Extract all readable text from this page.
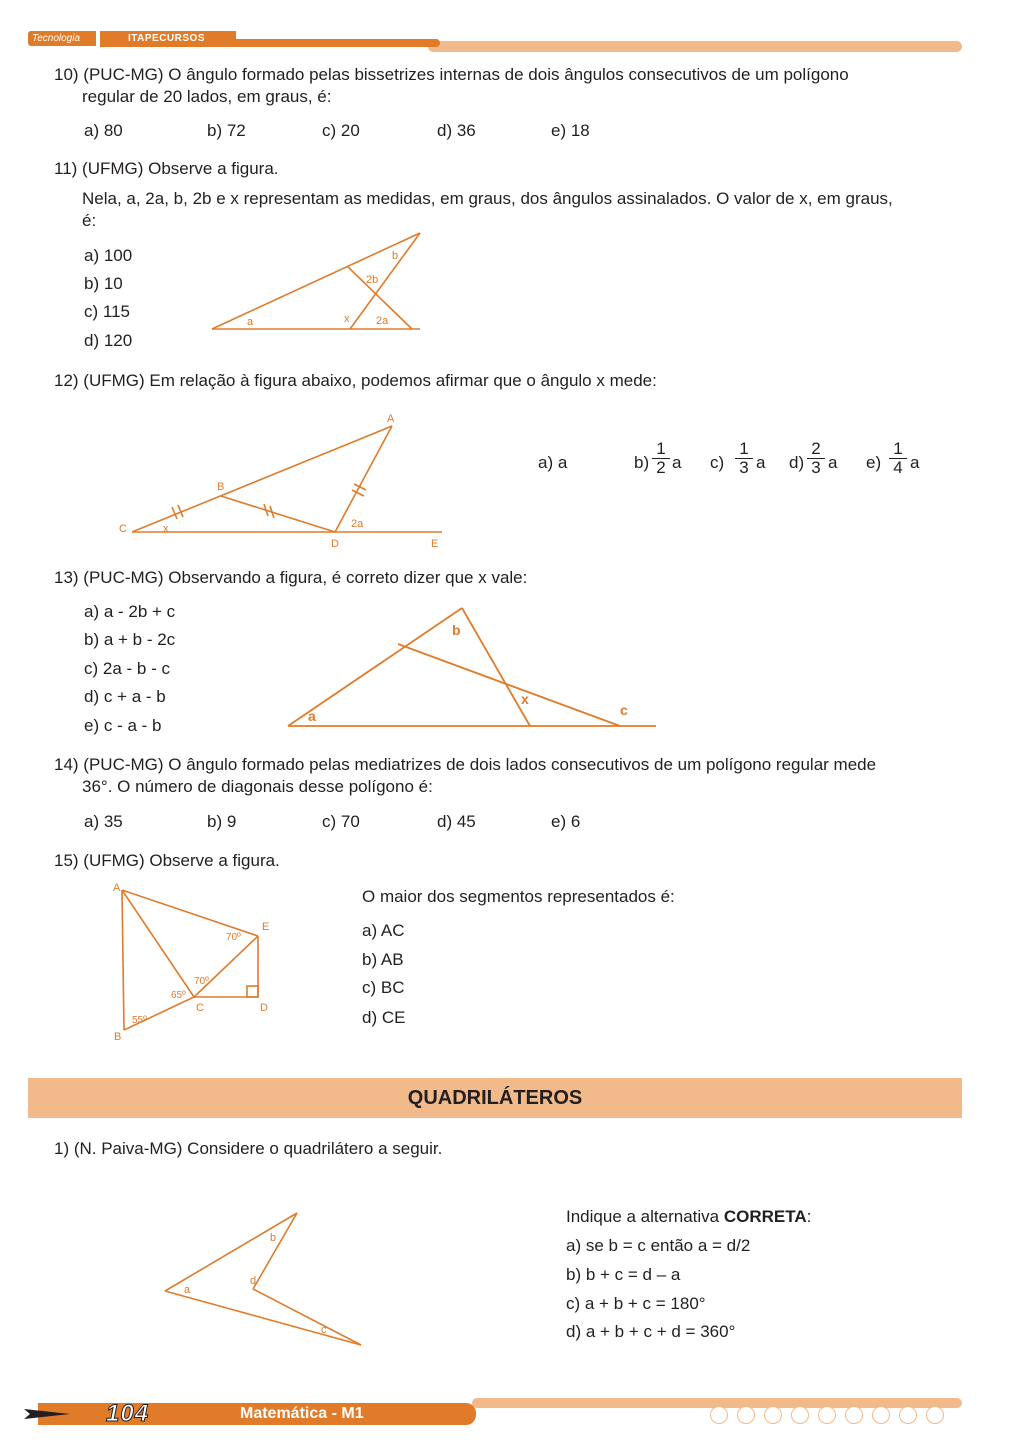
Tecnologia	ITAPECURSOS
10) (PUC-MG) O ângulo formado pelas bissetrizes internas de dois ângulos consecutivos de um polígono
regular de 20 lados, em graus, é:
a) 80	b) 72	c) 20	d) 36	e) 18
11) (UFMG) Observe a figura.
Nela, a, 2a, b, 2b e x representam as medidas, em graus, dos ângulos assinalados. O valor de x, em graus,
é:
a) 100
b) 10
c) 115
d) 120
b
2b
a	x 2a
12) (UFMG) Em relação à figura abaixo, podemos afirmar que o ângulo x mede:
A
B
C
D	E
x	2a
a) a	$b) \frac{1}{2}$ a $c) \frac{1}{3}$ a $d) \frac{2}{3}$ a $e) \frac{1}{4}$ a
13) (PUC-MG) Observando a figura, é correto dizer que x vale:
a) a - 2b + c
b) a + b - 2c
c) 2a - b - c
d) c + a - b
e) c - a - b	a
b
c
x
14) (PUC-MG) O ângulo formado pelas mediatrizes de dois lados consecutivos de um polígono regular mede
36°. O número de diagonais desse polígono é:
a) 35	b) 9	c) 70	d) 45	e) 6
15) (UFMG) Observe a figura.
A
B
C	D
E
70º
70º
65º
55º
O maior dos segmentos representados é:
a) AC
b) AB
c) BC
d) CE
QUADRILÁTEROS
1) (N. Paiva-MG) Considere o quadrilátero a seguir.
b
a
d
c
Indique a alternativa CORRETA:
a) se b = c então a = d/2
b) b + c = d – a
c) a + b + c = 180°
d) a + b + c + d = 360°
104	Matemática - M1
